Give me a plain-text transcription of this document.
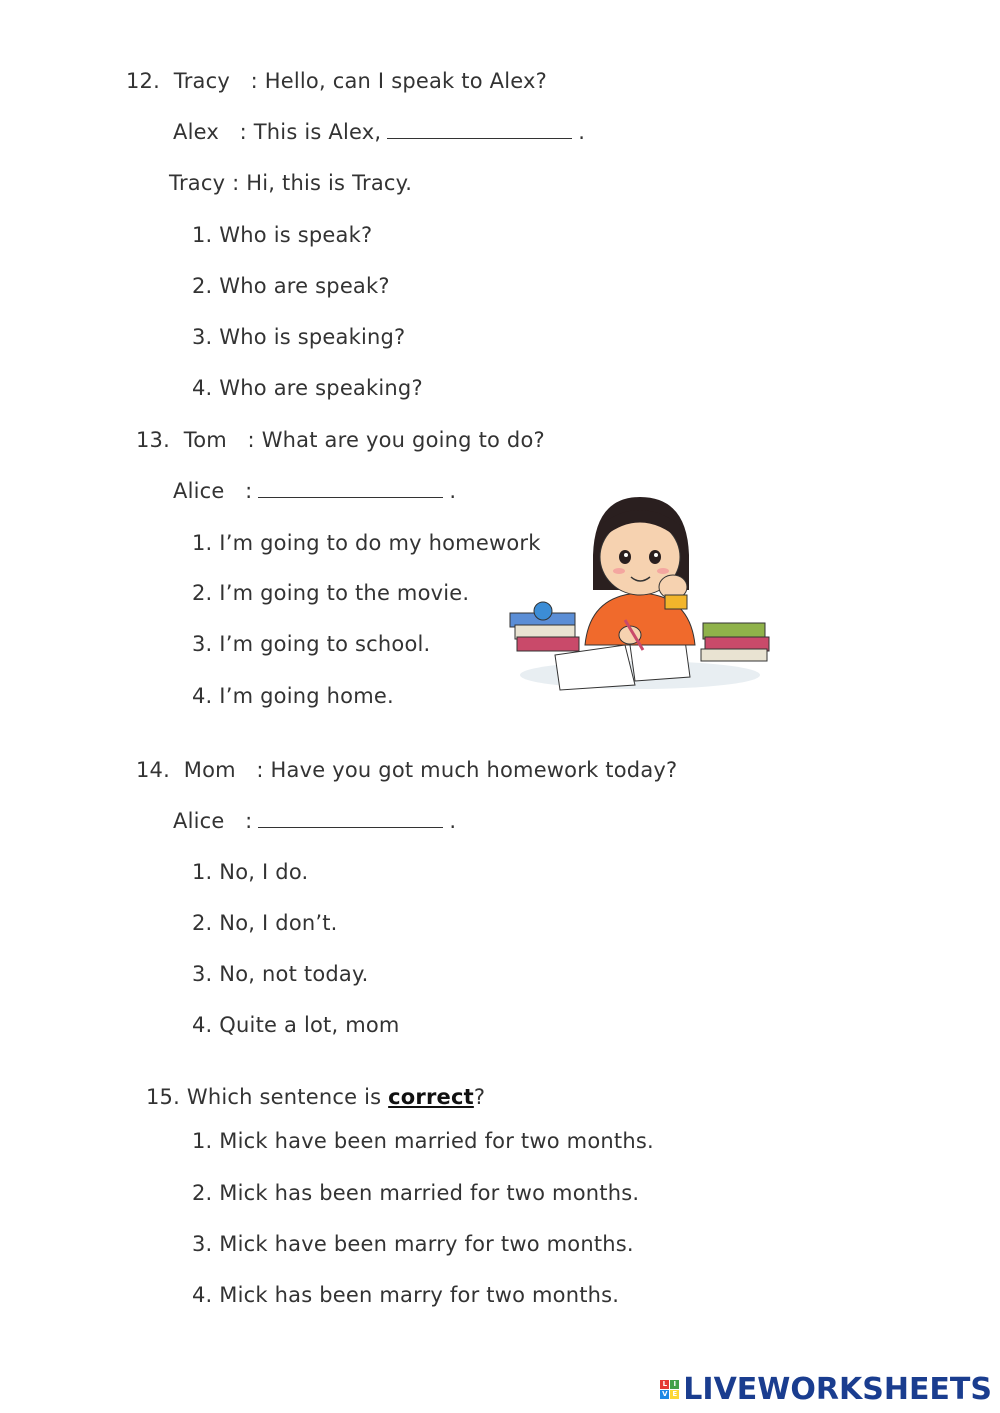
12.  Tracy   : Hello, can I speak to Alex?
Alex   : This is Alex,	.
Tracy : Hi, this is Tracy.
1. Who is speak?
2. Who are speak?
3. Who is speaking?
4. Who are speaking?
13.  Tom   : What are you going to do?
Alice   :	.
1. I’m going to do my homework
2. I’m going to the movie.
3. I’m going to school.
4. I’m going home.
14.  Mom   : Have you got much homework today?
Alice   :	.
1. No, I do.
2. No, I don’t.
3. No, not today.
4. Quite a lot, mom
15. Which sentence is correct?
1. Mick have been married for two months.
2. Mick has been married for two months.
3. Mick have been marry for two months.
4. Mick has been marry for two months.
L I
V E LIVEWORKSHEETS
